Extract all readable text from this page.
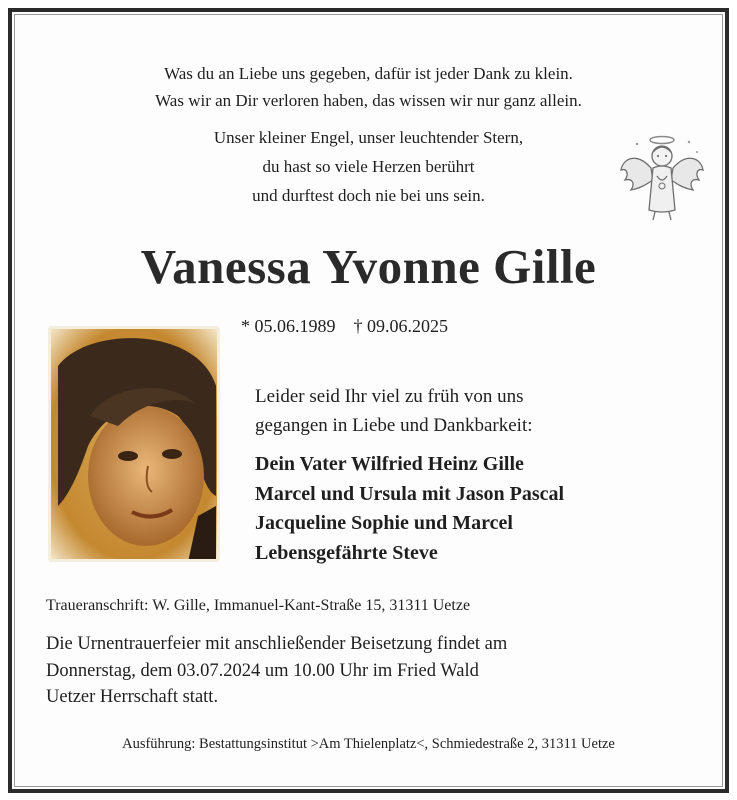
Was du an Liebe uns gegeben, dafür ist jeder Dank zu klein.
Was wir an Dir verloren haben, das wissen wir nur ganz allein.
Unser kleiner Engel, unser leuchtender Stern,
du hast so viele Herzen berührt
und durftest doch nie bei uns sein.
Vanessa Yvonne Gille
* 05.06.1989 † 09.06.2025
Leider seid Ihr viel zu früh von uns
gegangen in Liebe und Dankbarkeit:
Dein Vater Wilfried Heinz Gille
Marcel und Ursula mit Jason Pascal
Jacqueline Sophie und Marcel
Lebensgefährte Steve
Traueranschrift: W. Gille, Immanuel-Kant-Straße 15, 31311 Uetze
Die Urnentrauerfeier mit anschließender Beisetzung findet am
Donnerstag, dem 03.07.2024 um 10.00 Uhr im Fried Wald
Uetzer Herrschaft statt.
Ausführung: Bestattungsinstitut >Am Thielenplatz<, Schmiedestraße 2, 31311 Uetze
